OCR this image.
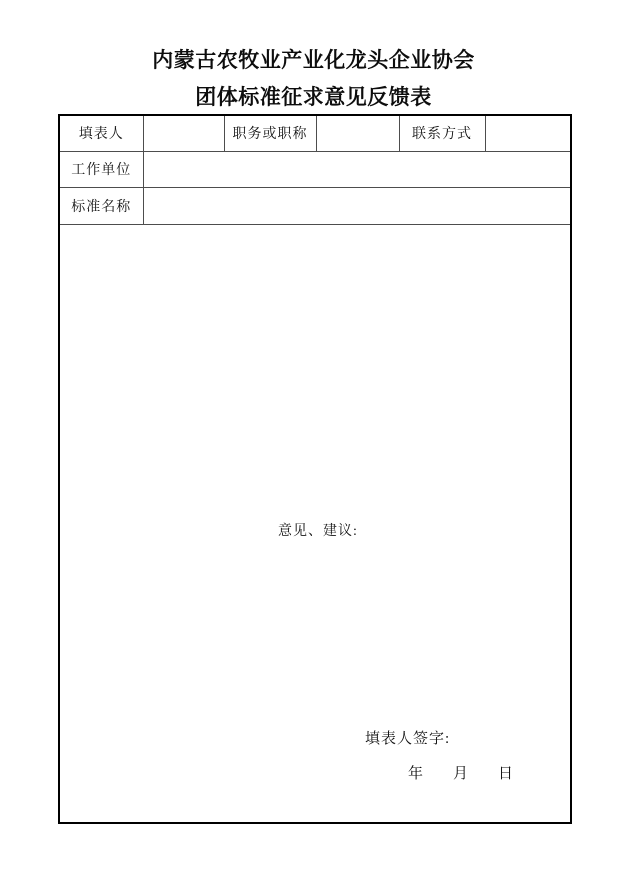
内蒙古农牧业产业化龙头企业协会
团体标准征求意见反馈表
填表人		职务或职称		联系方式	
工作单位					
标准名称					

意见、建议:
填表人签字:
年　　月　　日					
